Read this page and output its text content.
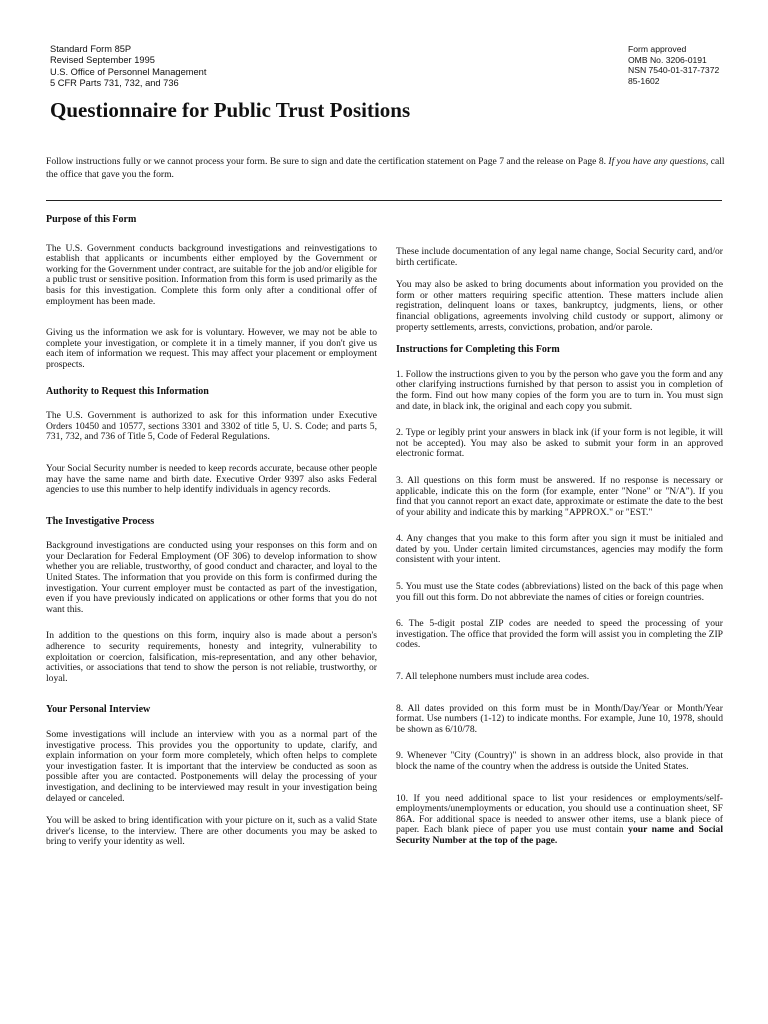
Standard Form 85P
Revised September 1995
U.S. Office of Personnel Management
5 CFR Parts 731, 732, and 736
Form approved
OMB No. 3206-0191
NSN 7540-01-317-7372
85-1602
Questionnaire for Public Trust Positions
Follow instructions fully or we cannot process your form. Be sure to sign and date the certification statement on Page 7 and the release on Page 8. If you have any questions, call the office that gave you the form.
Purpose of this Form

The U.S. Government conducts background investigations and reinvestigations to establish that applicants or incumbents either employed by the Government or working for the Government under contract, are suitable for the job and/or eligible for a public trust or sensitive position. Information from this form is used primarily as the basis for this investigation. Complete this form only after a conditional offer of employment has been made.

Giving us the information we ask for is voluntary. However, we may not be able to complete your investigation, or complete it in a timely manner, if you don't give us each item of information we request. This may affect your placement or employment prospects.

Authority to Request this Information

The U.S. Government is authorized to ask for this information under Executive Orders 10450 and 10577, sections 3301 and 3302 of title 5, U. S. Code; and parts 5, 731, 732, and 736 of Title 5, Code of Federal Regulations.

Your Social Security number is needed to keep records accurate, because other people may have the same name and birth date. Executive Order 9397 also asks Federal agencies to use this number to help identify individuals in agency records.

The Investigative Process

Background investigations are conducted using your responses on this form and on your Declaration for Federal Employment (OF 306) to develop information to show whether you are reliable, trustworthy, of good conduct and character, and loyal to the United States. The information that you provide on this form is confirmed during the investigation. Your current employer must be contacted as part of the investigation, even if you have previously indicated on applications or other forms that you do not want this.

In addition to the questions on this form, inquiry also is made about a person's adherence to security requirements, honesty and integrity, vulnerability to exploitation or coercion, falsification, mis-representation, and any other behavior, activities, or associations that tend to show the person is not reliable, trustworthy, or loyal.

Your Personal Interview

Some investigations will include an interview with you as a normal part of the investigative process. This provides you the opportunity to update, clarify, and explain information on your form more completely, which often helps to complete your investigation faster. It is important that the interview be conducted as soon as possible after you are contacted. Postponements will delay the processing of your investigation, and declining to be interviewed may result in your investigation being delayed or canceled.

You will be asked to bring identification with your picture on it, such as a valid State driver's license, to the interview. There are other documents you may be asked to bring to verify your identity as well.

These include documentation of any legal name change, Social Security card, and/or birth certificate.

You may also be asked to bring documents about information you provided on the form or other matters requiring specific attention. These matters include alien registration, delinquent loans or taxes, bankruptcy, judgments, liens, or other financial obligations, agreements involving child custody or support, alimony or property settlements, arrests, convictions, probation, and/or parole.

Instructions for Completing this Form

1. Follow the instructions given to you by the person who gave you the form and any other clarifying instructions furnished by that person to assist you in completion of the form. Find out how many copies of the form you are to turn in. You must sign and date, in black ink, the original and each copy you submit.

2. Type or legibly print your answers in black ink (if your form is not legible, it will not be accepted). You may also be asked to submit your form in an approved electronic format.

3. All questions on this form must be answered. If no response is necessary or applicable, indicate this on the form (for example, enter "None" or "N/A"). If you find that you cannot report an exact date, approximate or estimate the date to the best of your ability and indicate this by marking "APPROX." or "EST."

4. Any changes that you make to this form after you sign it must be initialed and dated by you. Under certain limited circumstances, agencies may modify the form consistent with your intent.

5. You must use the State codes (abbreviations) listed on the back of this page when you fill out this form. Do not abbreviate the names of cities or foreign countries.

6. The 5-digit postal ZIP codes are needed to speed the processing of your investigation. The office that provided the form will assist you in completing the ZIP codes.

7. All telephone numbers must include area codes.

8. All dates provided on this form must be in Month/Day/Year or Month/Year format. Use numbers (1-12) to indicate months. For example, June 10, 1978, should be shown as 6/10/78.

9. Whenever "City (Country)" is shown in an address block, also provide in that block the name of the country when the address is outside the United States.

10. If you need additional space to list your residences or employments/self-employments/unemployments or education, you should use a continuation sheet, SF 86A. For additional space is needed to answer other items, use a blank piece of paper. Each blank piece of paper you use must contain your name and Social Security Number at the top of the page.
